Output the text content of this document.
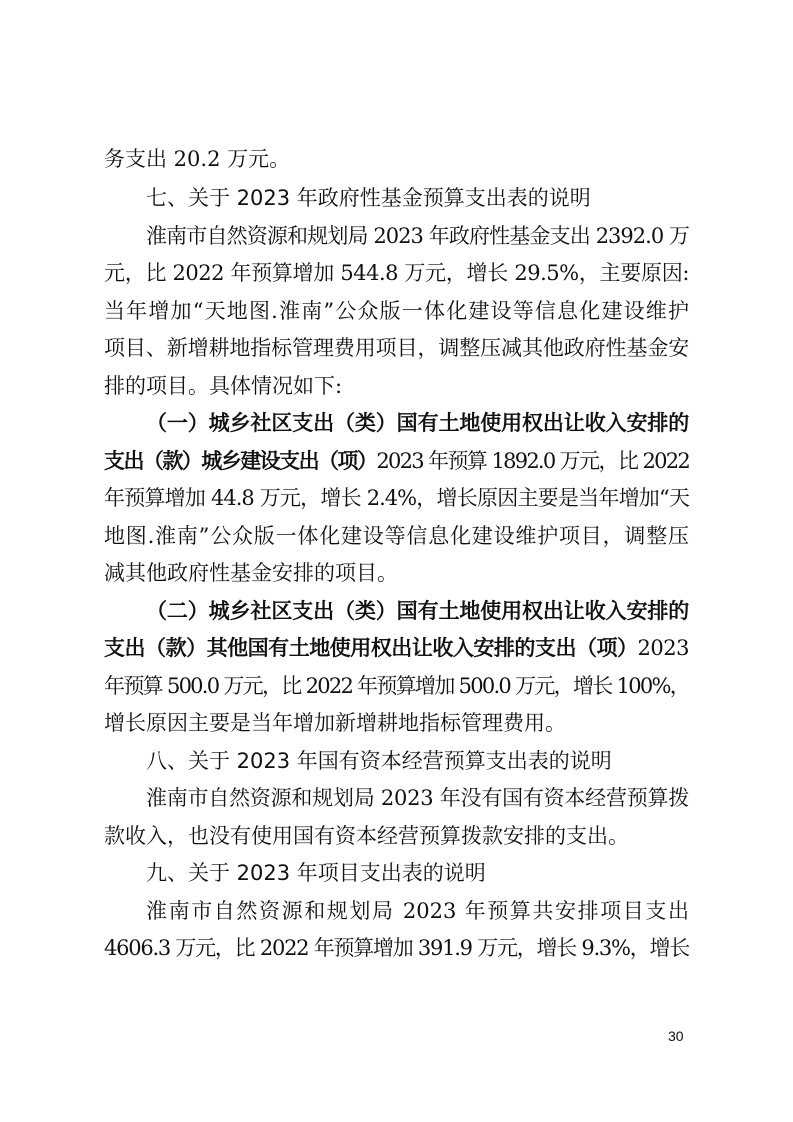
务支出 20.2 万元。
七、关于 2023 年政府性基金预算支出表的说明
淮南市自然资源和规划局 2023 年政府性基金支出 2392.0 万
元，比 2022 年预算增加 544.8 万元，增长 29.5%，主要原因:
当年增加“天地图.淮南”公众版一体化建设等信息化建设维护
项目、新增耕地指标管理费用项目，调整压减其他政府性基金安
排的项目。具体情况如下:
（一）城乡社区支出（类）国有土地使用权出让收入安排的
支出（款）城乡建设支出（项）2023 年预算 1892.0 万元，比 2022
年预算增加 44.8 万元，增长 2.4%，增长原因主要是当年增加“天
地图.淮南”公众版一体化建设等信息化建设维护项目，调整压
减其他政府性基金安排的项目。
（二）城乡社区支出（类）国有土地使用权出让收入安排的
支出（款）其他国有土地使用权出让收入安排的支出（项）2023
年预算 500.0 万元，比 2022 年预算增加 500.0 万元，增长 100%，
增长原因主要是当年增加新增耕地指标管理费用。
八、关于 2023 年国有资本经营预算支出表的说明
淮南市自然资源和规划局 2023 年没有国有资本经营预算拨
款收入，也没有使用国有资本经营预算拨款安排的支出。
九、关于 2023 年项目支出表的说明
淮南市自然资源和规划局 2023 年预算共安排项目支出
4606.3 万元，比 2022 年预算增加 391.9 万元，增长 9.3%，增长
30
